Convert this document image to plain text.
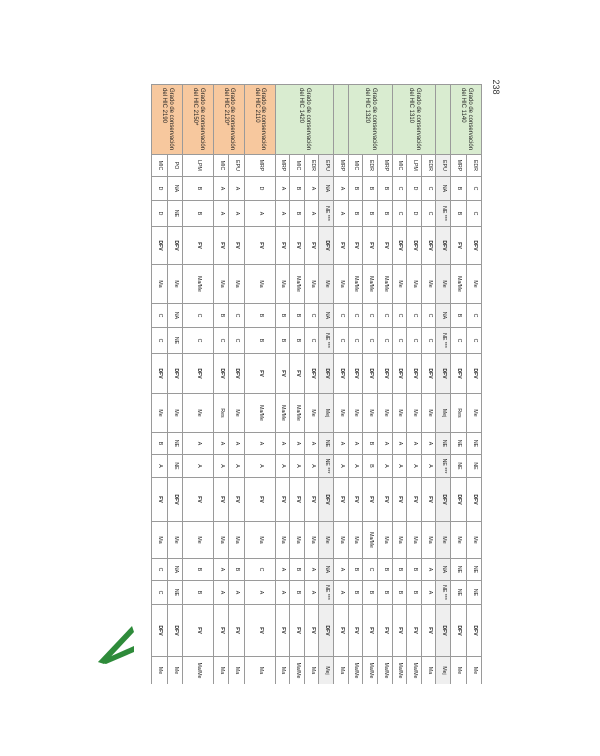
238
Grado de conservación del HIC 1140	EDR	C	C	DFV	Me	C	C	DFV	Me	NE	NE	DFV	Me	NE	NE	DFV	Me
	MRP	B	B	FV	Ma/Me	B	C	DFV	Res	NE	NE	DFV	Me	NE	NE	DFV	Me
	EPU	NA	NE ***	DFV	Me	NA	NE ***	DFV	Mej	NE	NE ***	DFV	Me	NA	NE ***	DFV	Mej
Grado de conservación del HIC 1310	EDR	C	C	DFV	Me	C	C	DFV	Me	A	A	FV	Ma	A	A	FV	Ma
	LPM	D	D	DFV	Ma	C	C	DFV	Me	A	A	FV	Ma	B	B	FV	Ma/Me
	MIC	C	C	DFV	Me	C	C	DFV	Me	A	A	FV	Ma	B	B	FV	Ma/Me
Grado de conservación del HIC 1320	MRP	B	B	FV	Ma/Me	C	C	DFV	Me	A	A	FV	Ma	B	B	FV	Ma/Me
	EDR	B	B	FV	Ma/Me	C	C	DFV	Me	B	B	FV	Ma/Me	C	B	FV	Ma/Me
	MIC	B	B	FV	Ma/Me	C	C	DFV	Me	A	A	FV	Ma	B	B	FV	Ma/Me
	MRP	A	A	FV	Ma	C	C	DFV	Me	A	A	FV	Ma	A	A	FV	Ma
Grado de conservación del HIC 1420	EPU	NA	NE ***	DFV	Me	NA	NE ***	DFV	Mej	NE	NE ***	DFV	Me	NA	NE ***	DFV	Mej
	EDR	A	A	FV	Ma	C	C	DFV	Me	A	A	FV	Ma	A	A	FV	Ma
	MIC	B	B	FV	Ma/Me	B	B	FV	Ma/Me	A	A	FV	Ma	B	B	FV	Ma/Me
	MRP	A	A	FV	Ma	B	B	FV	Ma/Me	A	A	FV	Ma	A	A	FV	Ma
Grado de conservación del HIC 2110	MRP	D	A	FV	Ma	B	B	FV	Ma/Me	A	A	FV	Ma	C	A	FV	Ma
Grado de conservación del HIC 2120*	EPU	A	A	FV	Ma	C	C	DFV	Me	A	A	FV	Ma	B	A	FV	Ma
	MIC	A	A	FV	Ma	B	C	DFV	Res	A	A	FV	Ma	A	A	FV	Ma
Grado de conservación del HIC 2150*	LPM	B	B	FV	Ma/Me	C	C	DFV	Me	A	A	FV	Me	B	B	FV	Ma/Me
Grado de conservación del HIC 2190	PO	NA	NE	DFV	Me	NA	NE	DFV	Me	NE	NE	DFV	Me	NA	NE	DFV	Me
	MIC	D	D	DFV	Ma	C	C	DFV	Me	B	A	FV	Ma	C	C	DFV	Me
